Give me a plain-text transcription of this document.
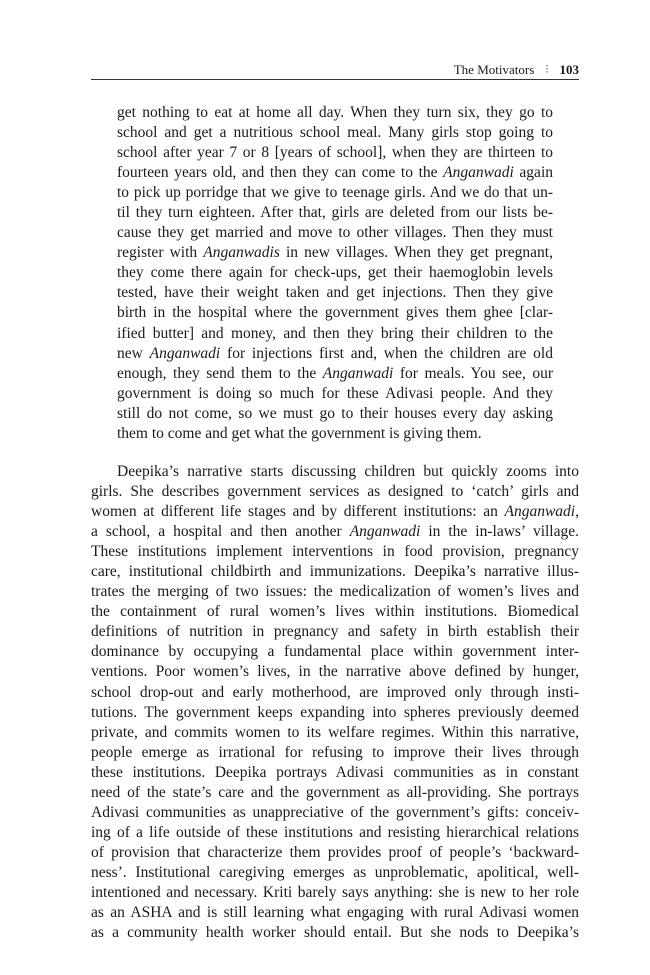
The Motivators ⫶ 103
get nothing to eat at home all day. When they turn six, they go to
school and get a nutritious school meal. Many girls stop going to
school after year 7 or 8 [years of school], when they are thirteen to
fourteen years old, and then they can come to the Anganwadi again
to pick up porridge that we give to teenage girls. And we do that un-
til they turn eighteen. After that, girls are deleted from our lists be-
cause they get married and move to other villages. Then they must
register with Anganwadis in new villages. When they get pregnant,
they come there again for check-ups, get their haemoglobin levels
tested, have their weight taken and get injections. Then they give
birth in the hospital where the government gives them ghee [clar-
ified butter] and money, and then they bring their children to the
new Anganwadi for injections first and, when the children are old
enough, they send them to the Anganwadi for meals. You see, our
government is doing so much for these Adivasi people. And they
still do not come, so we must go to their houses every day asking
them to come and get what the government is giving them.
Deepika’s narrative starts discussing children but quickly zooms into
girls. She describes government services as designed to ‘catch’ girls and
women at different life stages and by different institutions: an Anganwadi,
a school, a hospital and then another Anganwadi in the in-laws’ village.
These institutions implement interventions in food provision, pregnancy
care, institutional childbirth and immunizations. Deepika’s narrative illus-
trates the merging of two issues: the medicalization of women’s lives and
the containment of rural women’s lives within institutions. Biomedical
definitions of nutrition in pregnancy and safety in birth establish their
dominance by occupying a fundamental place within government inter-
ventions. Poor women’s lives, in the narrative above defined by hunger,
school drop-out and early motherhood, are improved only through insti-
tutions. The government keeps expanding into spheres previously deemed
private, and commits women to its welfare regimes. Within this narrative,
people emerge as irrational for refusing to improve their lives through
these institutions. Deepika portrays Adivasi communities as in constant
need of the state’s care and the government as all-providing. She portrays
Adivasi communities as unappreciative of the government’s gifts: conceiv-
ing of a life outside of these institutions and resisting hierarchical relations
of provision that characterize them provides proof of people’s ‘backward-
ness’. Institutional caregiving emerges as unproblematic, apolitical, well-
intentioned and necessary. Kriti barely says anything: she is new to her role
as an ASHA and is still learning what engaging with rural Adivasi women
as a community health worker should entail. But she nods to Deepika’s
